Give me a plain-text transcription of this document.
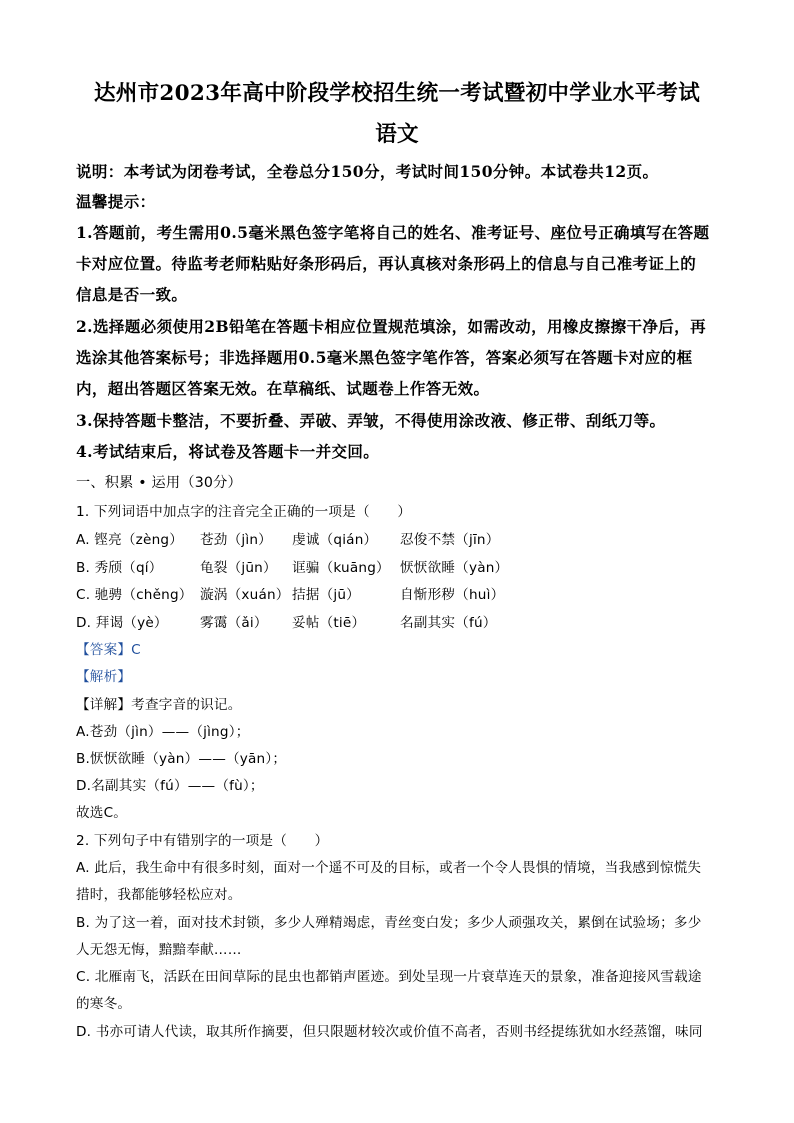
达州市2023年高中阶段学校招生统一考试暨初中学业水平考试
语文
说明：本考试为闭卷考试，全卷总分150分，考试时间150分钟。本试卷共12页。
温馨提示：
1.答题前，考生需用0.5毫米黑色签字笔将自己的姓名、准考证号、座位号正确填写在答题
卡对应位置。待监考老师粘贴好条形码后，再认真核对条形码上的信息与自己准考证上的
信息是否一致。
2.选择题必须使用2B铅笔在答题卡相应位置规范填涂，如需改动，用橡皮擦擦干净后，再
选涂其他答案标号；非选择题用0.5毫米黑色签字笔作答，答案必须写在答题卡对应的框
内，超出答题区答案无效。在草稿纸、试题卷上作答无效。
3.保持答题卡整洁，不要折叠、弄破、弄皱，不得使用涂改液、修正带、刮纸刀等。
4.考试结束后，将试卷及答题卡一并交回。
一、积累 • 运用（30分）
1. 下列词语中加点字的注音完全正确的一项是（　　）
A. 铿亮（zèng） 苍劲（jìn） 虔诚（qián） 忍俊不禁（jīn）
B. 秀颀（qí）	龟裂（jūn） 诓骗（kuāng） 恹恹欲睡（yàn）
C. 驰骋（chěng） 漩涡（xuán） 拮据（jū）	自惭形秽（huì）
D. 拜谒（yè） 雾霭（ǎi） 妥帖（tiē）	名副其实（fú）
【答案】C
【解析】
【详解】考查字音的识记。
A.苍劲（jìn）——（jìng）；
B.恹恹欲睡（yàn）——（yān）；
D.名副其实（fú）——（fù）；
故选C。
2. 下列句子中有错别字的一项是（　　）
A. 此后，我生命中有很多时刻，面对一个遥不可及的目标，或者一个令人畏惧的情境，当我感到惊慌失
措时，我都能够轻松应对。
B. 为了这一着，面对技术封锁，多少人殚精竭虑，青丝变白发；多少人顽强攻关，累倒在试验场；多少
人无怨无悔，黯黯奉献……
C. 北雁南飞，活跃在田间草际的昆虫也都销声匿迹。到处呈现一片衰草连天的景象，准备迎接风雪载途
的寒冬。
D. 书亦可请人代读，取其所作摘要，但只限题材较次或价值不高者，否则书经提练犹如水经蒸馏，味同
